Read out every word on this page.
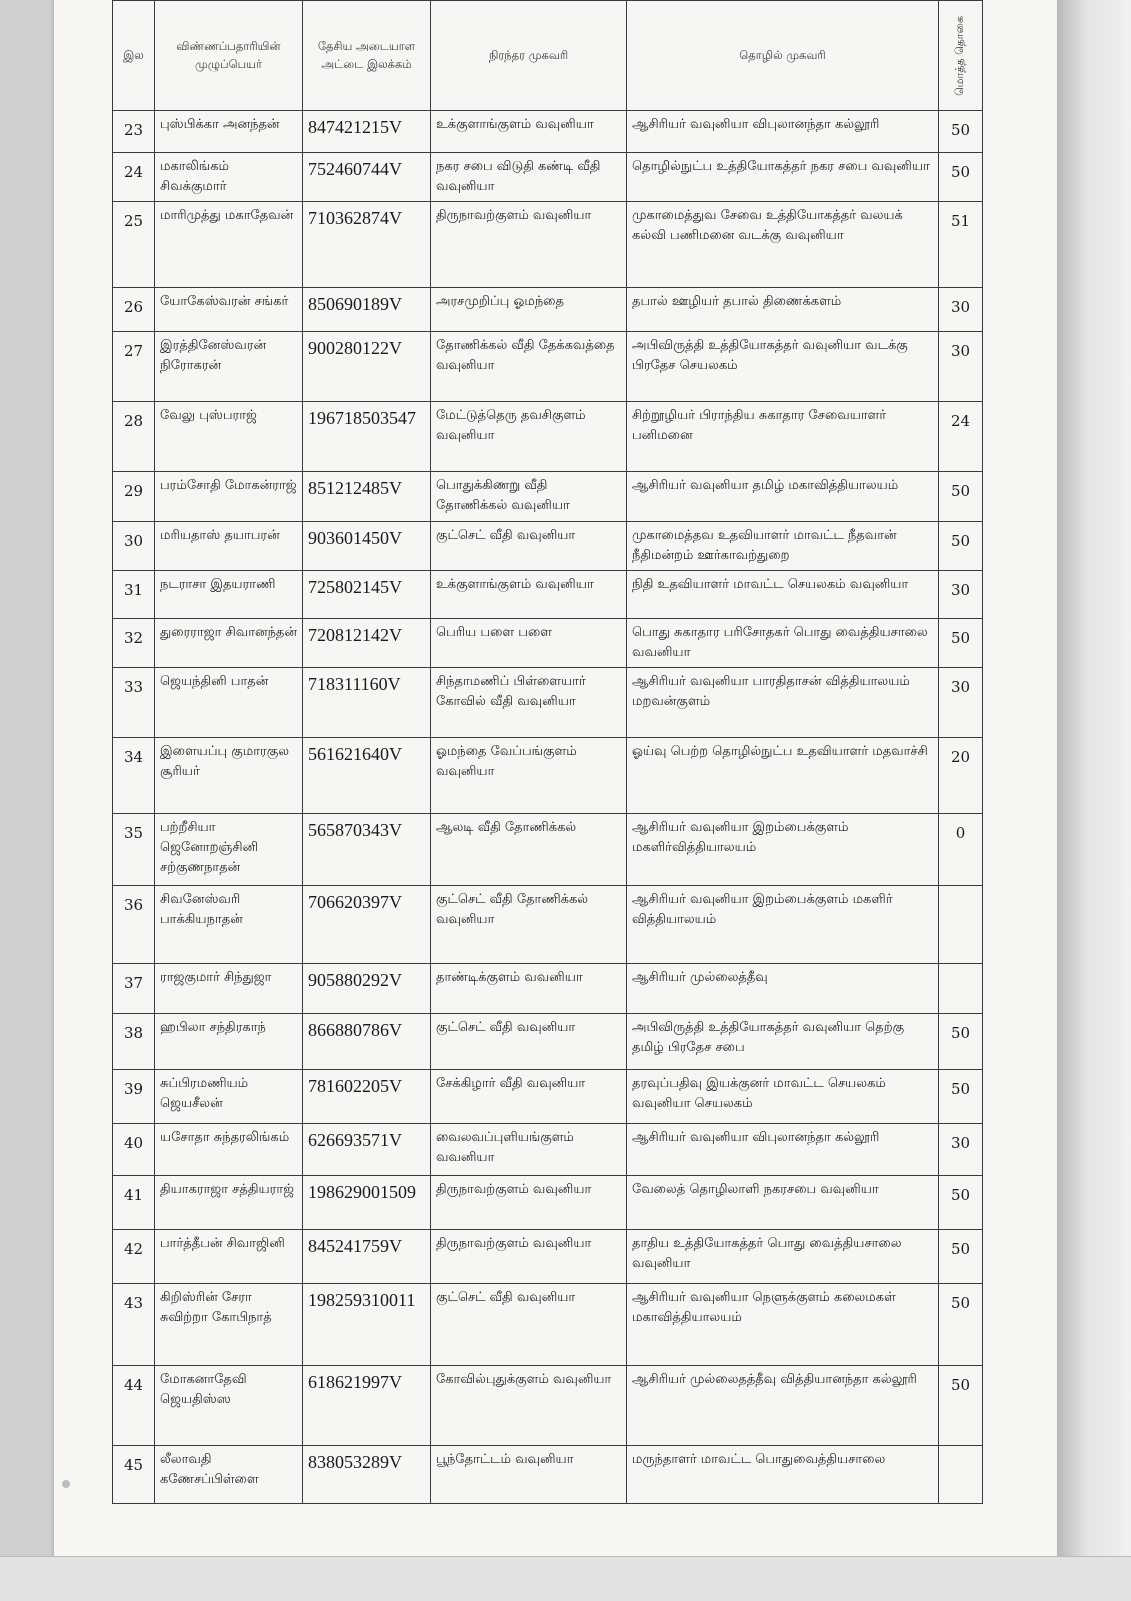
இல	விண்ணப்பதாரியின் முழுப்பெயர்	தேசிய அடையாள அட்டை இலக்கம்	நிரந்தர முகவரி	தொழில் முகவரி	மொத்த தொகை

23	புஸ்பிக்கா அனந்தன்	847421215V	உக்குளாங்குளம் வவுனியா	ஆசிரியர் வவுனியா விபுலானந்தா கல்லூரி	50
24	மகாலிங்கம் சிவக்குமார்	752460744V	நகர சபை விடுதி கண்டி வீதி வவுனியா	தொழில்நுட்ப உத்தியோகத்தர் நகர சபை வவுனியா	50
25	மாரிமுத்து மகாதேவன்	710362874V	திருநாவற்குளம் வவுனியா	முகாமைத்துவ சேவை உத்தியோகத்தர் வலயக் கல்வி பணிமனை வடக்கு வவுனியா	51
26	யோகேஸ்வரன் சங்கர்	850690189V	அரசமுறிப்பு ஓமந்தை	தபால் ஊழியர் தபால் திணைக்களம்	30
27	இரத்தினேஸ்வரன் நிரோகரன்	900280122V	தோணிக்கல் வீதி தேக்கவத்தை வவுனியா	அபிவிருத்தி உத்தியோகத்தர் வவுனியா வடக்கு பிரதேச செயலகம்	30
28	வேலு புஸ்பராஜ்	196718503547	மேட்டுத்தெரு தவசிகுளம் வவுனியா	சிற்றூழியர் பிராந்திய சுகாதார சேவையாளர் பனிமனை	24
29	பரம்சோதி மோகன்ராஜ்	851212485V	பொதுக்கிணறு வீதி தோணிக்கல் வவுனியா	ஆசிரியர் வவுனியா தமிழ் மகாவித்தியாலயம்	50
30	மரியதாஸ் தயாபரன்	903601450V	குட்செட் வீதி வவுனியா	முகாமைத்தவ உதவியாளர் மாவட்ட நீதவான் நீதிமன்றம் ஊர்காவற்துறை	50
31	நடராசா இதயராணி	725802145V	உக்குளாங்குளம் வவுனியா	நிதி உதவியாளர் மாவட்ட செயலகம் வவுனியா	30
32	துரைராஜா சிவானந்தன்	720812142V	பெரிய பளை பளை	பொது சுகாதார பரிசோதகர் பொது வைத்தியசாலை வவனியா	50
33	ஜெயந்தினி பாதன்	718311160V	சிந்தாமணிப் பிள்ளையார் கோவில் வீதி வவுனியா	ஆசிரியர் வவுனியா பாரதிதாசன் வித்தியாலயம் மறவன்குளம்	30
34	இளையப்பு குமாரகுல சூரியர்	561621640V	ஓமந்தை வேப்பங்குளம் வவுனியா	ஓய்வு பெற்ற தொழில்நுட்ப உதவியாளர் மதவாச்சி	20
35	பற்றீசியா ஜெனோறஞ்சினி சற்குணநாதன்	565870343V	ஆலடி வீதி தோணிக்கல்	ஆசிரியர் வவுனியா இறம்பைக்குளம் மகளிர்வித்தியாலயம்	0
36	சிவனேஸ்வரி பாக்கியநாதன்	706620397V	குட்செட் வீதி தோணிக்கல் வவுனியா	ஆசிரியர் வவுனியா இறம்பைக்குளம் மகளிர் வித்தியாலயம்	
37	ராஜகுமார் சிந்துஜா	905880292V	தாண்டிக்குளம் வவனியா	ஆசிரியர் முல்லைத்தீவு	
38	ஹபிலா சந்திரகாந்	866880786V	குட்செட் வீதி வவுனியா	அபிவிருத்தி உத்தியோகத்தர் வவுனியா தெற்கு தமிழ் பிரதேச சபை	50
39	சுப்பிரமணியம் ஜெயசீலன்	781602205V	சேக்கிழார் வீதி வவுனியா	தரவுப்பதிவு இயக்குனர் மாவட்ட செயலகம் வவுனியா செயலகம்	50
40	யசோதா சுந்தரலிங்கம்	626693571V	வைலவப்புளியங்குளம் வவனியா	ஆசிரியர் வவுனியா விபுலானந்தா கல்லூரி	30
41	தியாகராஜா சத்தியராஜ்	198629001509	திருநாவற்குளம் வவுனியா	வேலைத் தொழிலாளி நகரசபை வவுனியா	50
42	பார்த்தீபன் சிவாஜினி	845241759V	திருநாவற்குளம் வவுனியா	தாதிய உத்தியோகத்தர் பொது வைத்தியசாலை வவுனியா	50
43	கிறிஸ்ரின் சேரா சுவிற்றா கோபிநாத்	198259310011	குட்செட் வீதி வவுனியா	ஆசிரியர் வவுனியா நெளுக்குளம் கலைமகள் மகாவித்தியாலயம்	50
44	மோகனாதேவி ஜெயதிஸ்ஸ	618621997V	கோவில்புதுக்குளம் வவுனியா	ஆசிரியர் முல்லைதத்தீவு வித்தியானந்தா கல்லூரி	50
45	லீலாவதி கணேசப்பிள்ளை	838053289V	பூந்தோட்டம் வவுனியா	மருந்தாளர் மாவட்ட பொதுவைத்தியசாலை	
